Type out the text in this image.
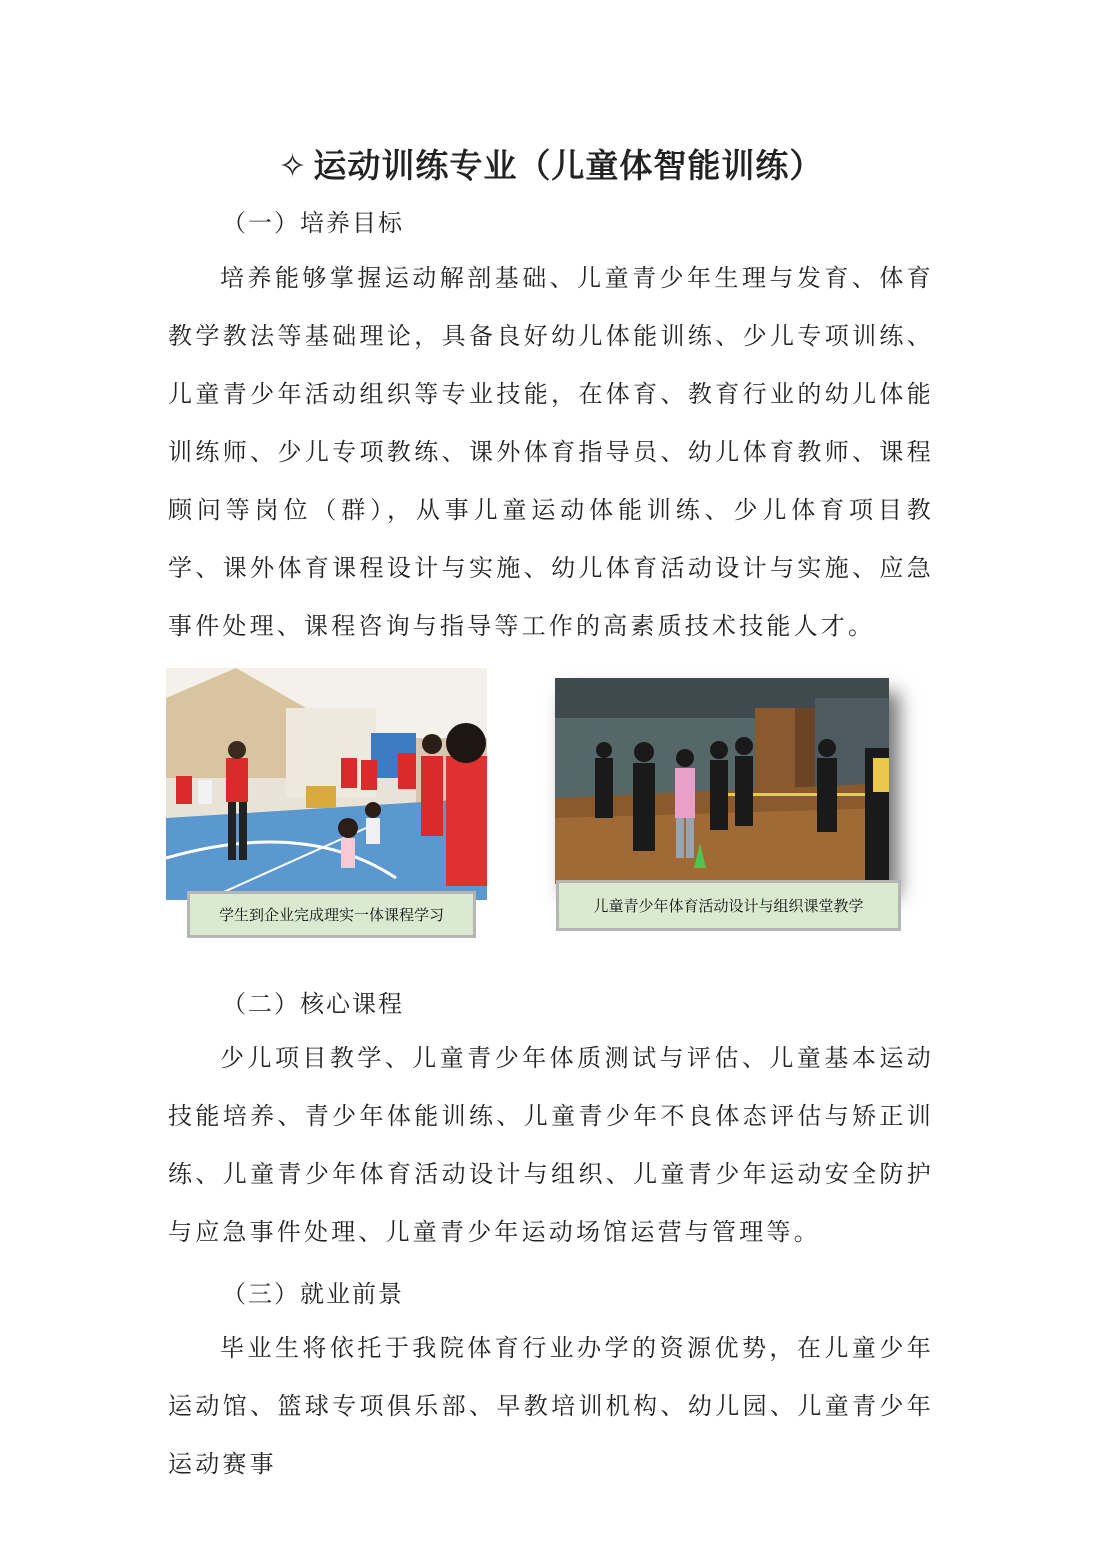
✧ 运动训练专业（儿童体智能训练）
（一）培养目标
培养能够掌握运动解剖基础、儿童青少年生理与发育、体育教学教法等基础理论，具备良好幼儿体能训练、少儿专项训练、儿童青少年活动组织等专业技能，在体育、教育行业的幼儿体能训练师、少儿专项教练、课外体育指导员、幼儿体育教师、课程顾问等岗位（群），从事儿童运动体能训练、少儿体育项目教学、课外体育课程设计与实施、幼儿体育活动设计与实施、应急事件处理、课程咨询与指导等工作的高素质技术技能人才。
学生到企业完成理实一体课程学习	儿童青少年体育活动设计与组织课堂教学
（二）核心课程
少儿项目教学、儿童青少年体质测试与评估、儿童基本运动技能培养、青少年体能训练、儿童青少年不良体态评估与矫正训练、儿童青少年体育活动设计与组织、儿童青少年运动安全防护与应急事件处理、儿童青少年运动场馆运营与管理等。
（三）就业前景
毕业生将依托于我院体育行业办学的资源优势，在儿童少年运动馆、篮球专项俱乐部、早教培训机构、幼儿园、儿童青少年运动赛事
